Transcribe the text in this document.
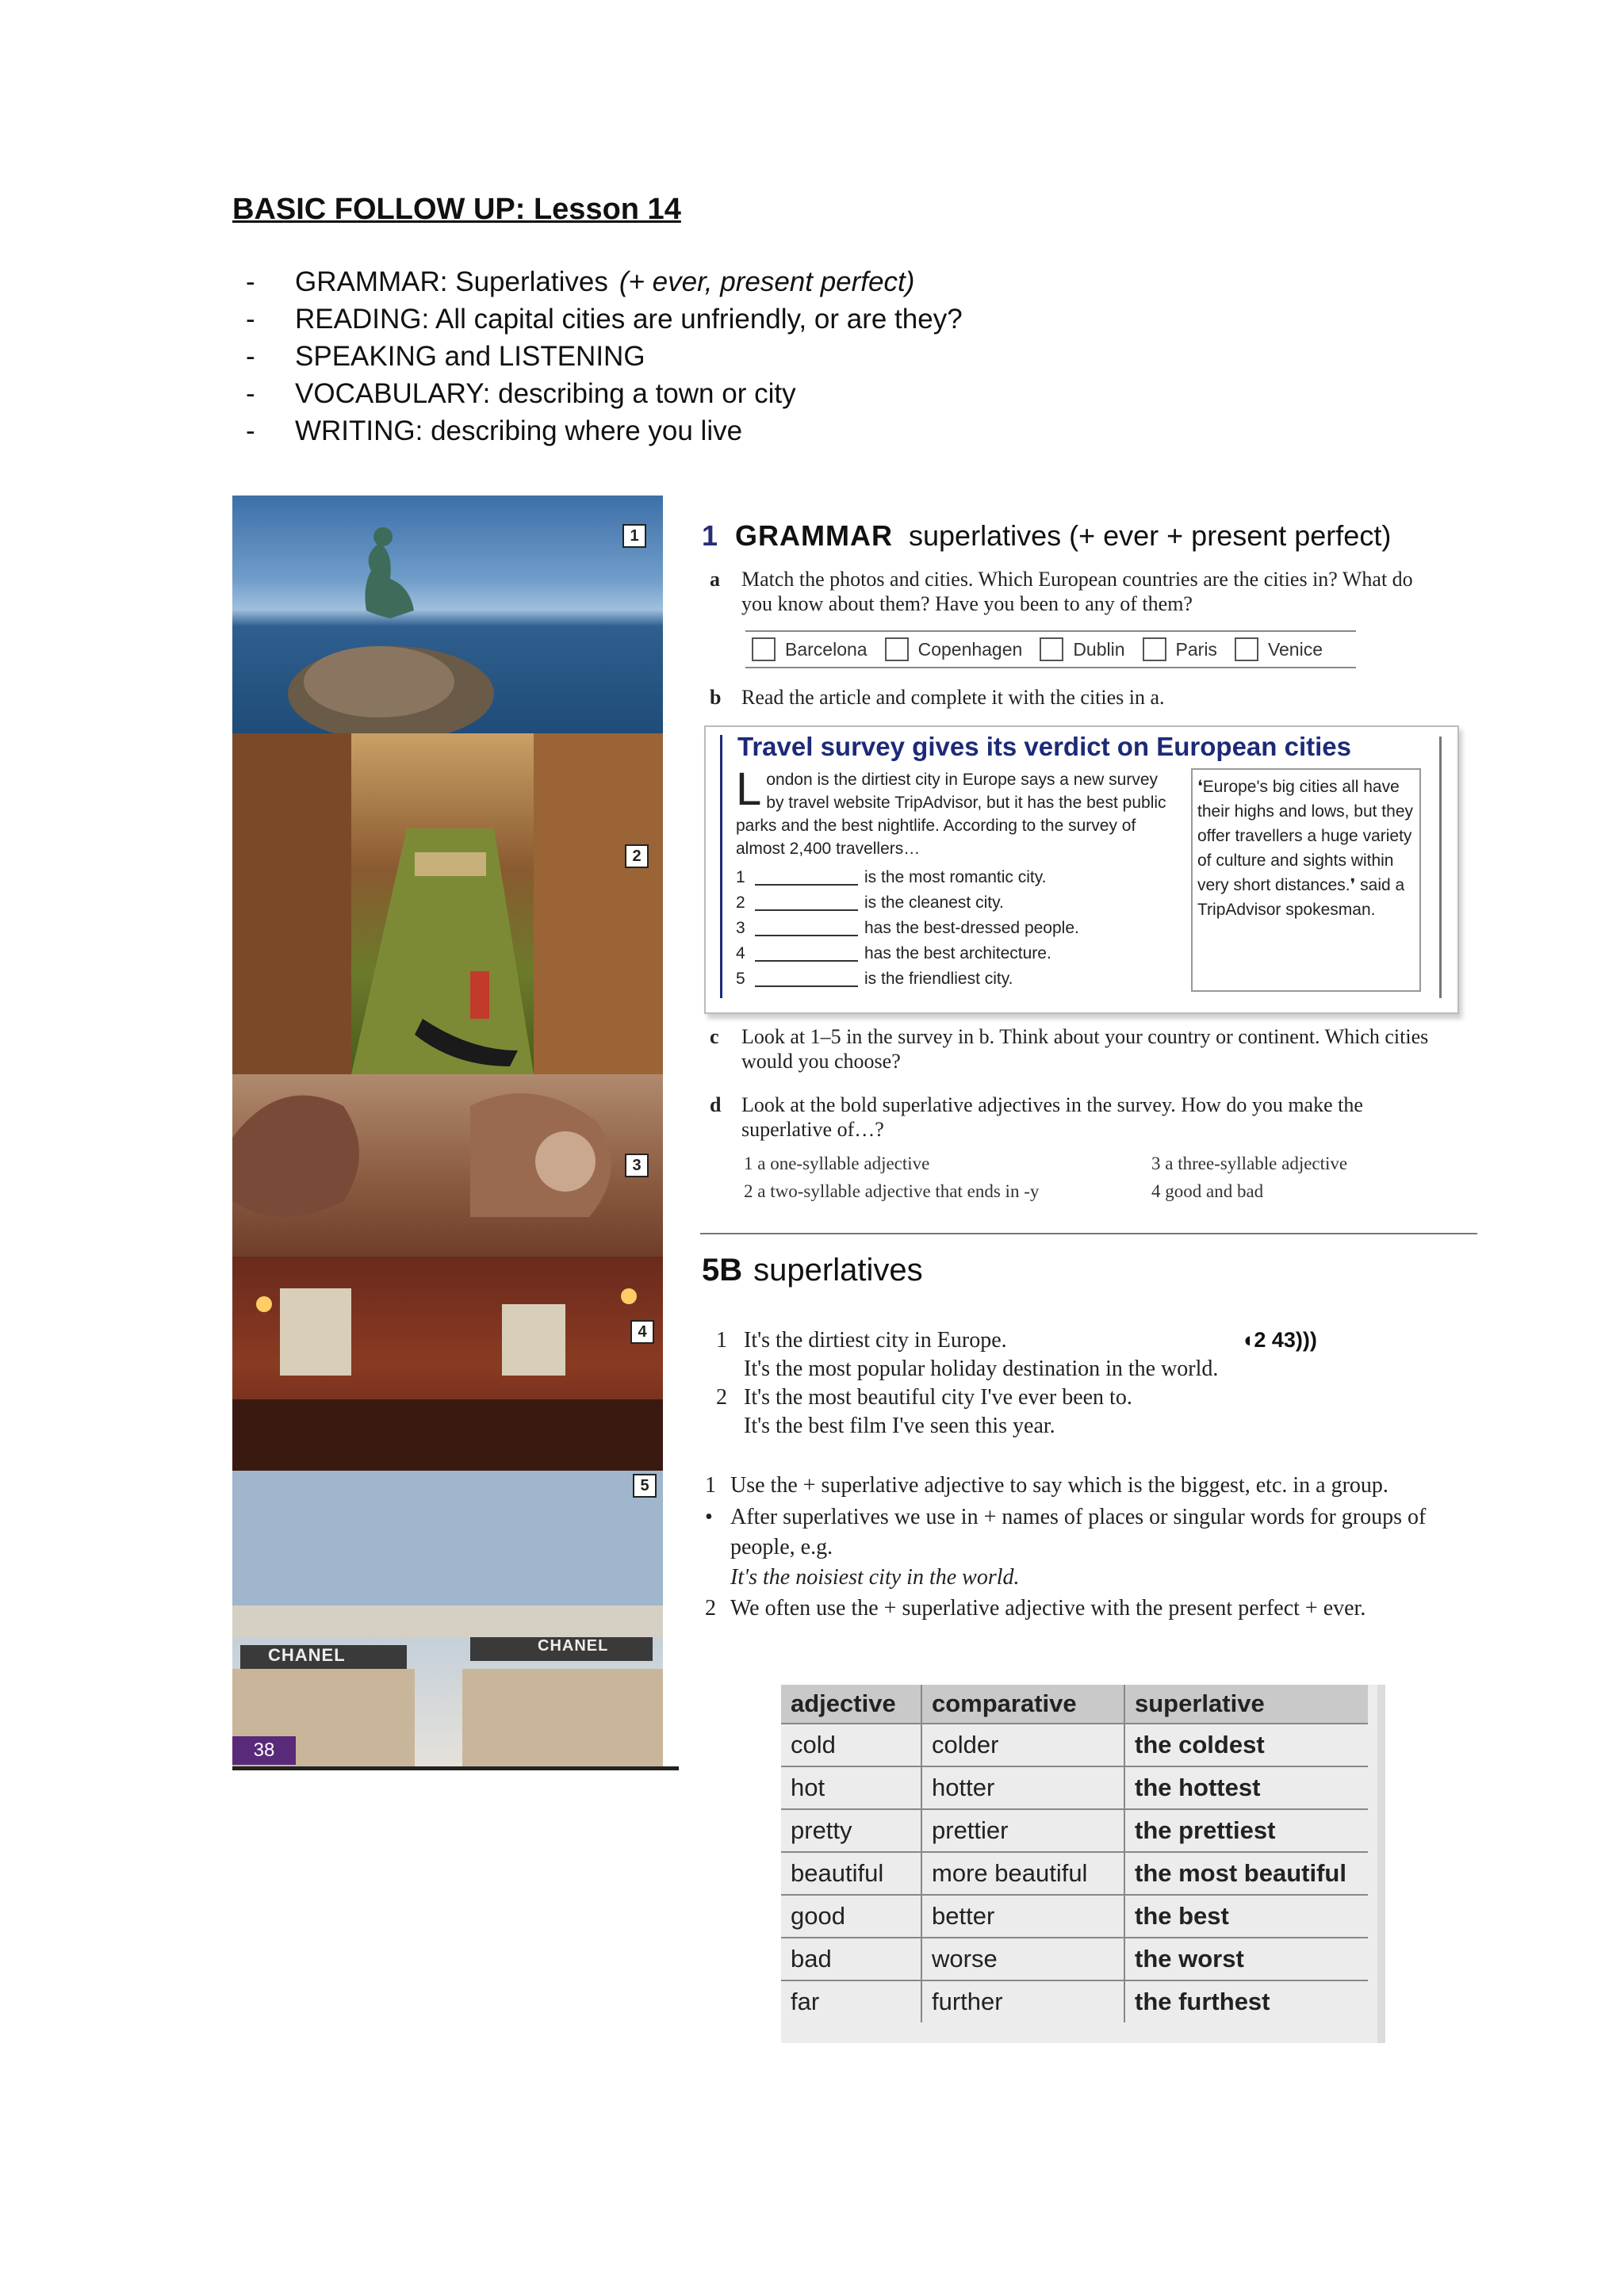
BASIC FOLLOW UP: Lesson 14
-	GRAMMAR: Superlatives (+ ever, present perfect)
-	READING: All capital cities are unfriendly, or are they?
-	SPEAKING and LISTENING
-	VOCABULARY: describing a town or city
-	WRITING: describing where you live
1
2
3
4
5
CHANEL	CHANEL
38
1 GRAMMAR superlatives (+ ever + present perfect)
a Match the photos and cities. Which European countries are the cities in? What do you know about them? Have you been to any of them?
Barcelona	Copenhagen	Dublin	Paris	Venice
b Read the article and complete it with the cities in a.
Travel survey gives its verdict on European cities
London is the dirtiest city in Europe says a new survey by travel website TripAdvisor, but it has the best public parks and the best nightlife. According to the survey of almost 2,400 travellers…
1	is the most romantic city.
2	is the cleanest city.
3	has the best-dressed people.
4	has the best architecture.
5	is the friendliest city.
❛Europe's big cities all have their highs and lows, but they offer travellers a huge variety of culture and sights within very short distances.❜ said a TripAdvisor spokesman.
c Look at 1–5 in the survey in b. Think about your country or continent. Which cities would you choose?
d Look at the bold superlative adjectives in the survey. How do you make the superlative of…?
1 a one-syllable adjective
2 a two-syllable adjective that ends in -y
3 a three-syllable adjective
4 good and bad
5B superlatives
◖2 43)))
1 It's the dirtiest city in Europe.
It's the most popular holiday destination in the world.
2 It's the most beautiful city I've ever been to.
It's the best film I've seen this year.
1 Use the + superlative adjective to say which is the biggest, etc. in a group.
• After superlatives we use in + names of places or singular words for groups of people, e.g.
It's the noisiest city in the world.
2 We often use the + superlative adjective with the present perfect + ever.
adjective	comparative	superlative
cold	colder	the coldest
hot	hotter	the hottest
pretty	prettier	the prettiest
beautiful	more beautiful	the most beautiful
good	better	the best
bad	worse	the worst
far	further	the furthest
